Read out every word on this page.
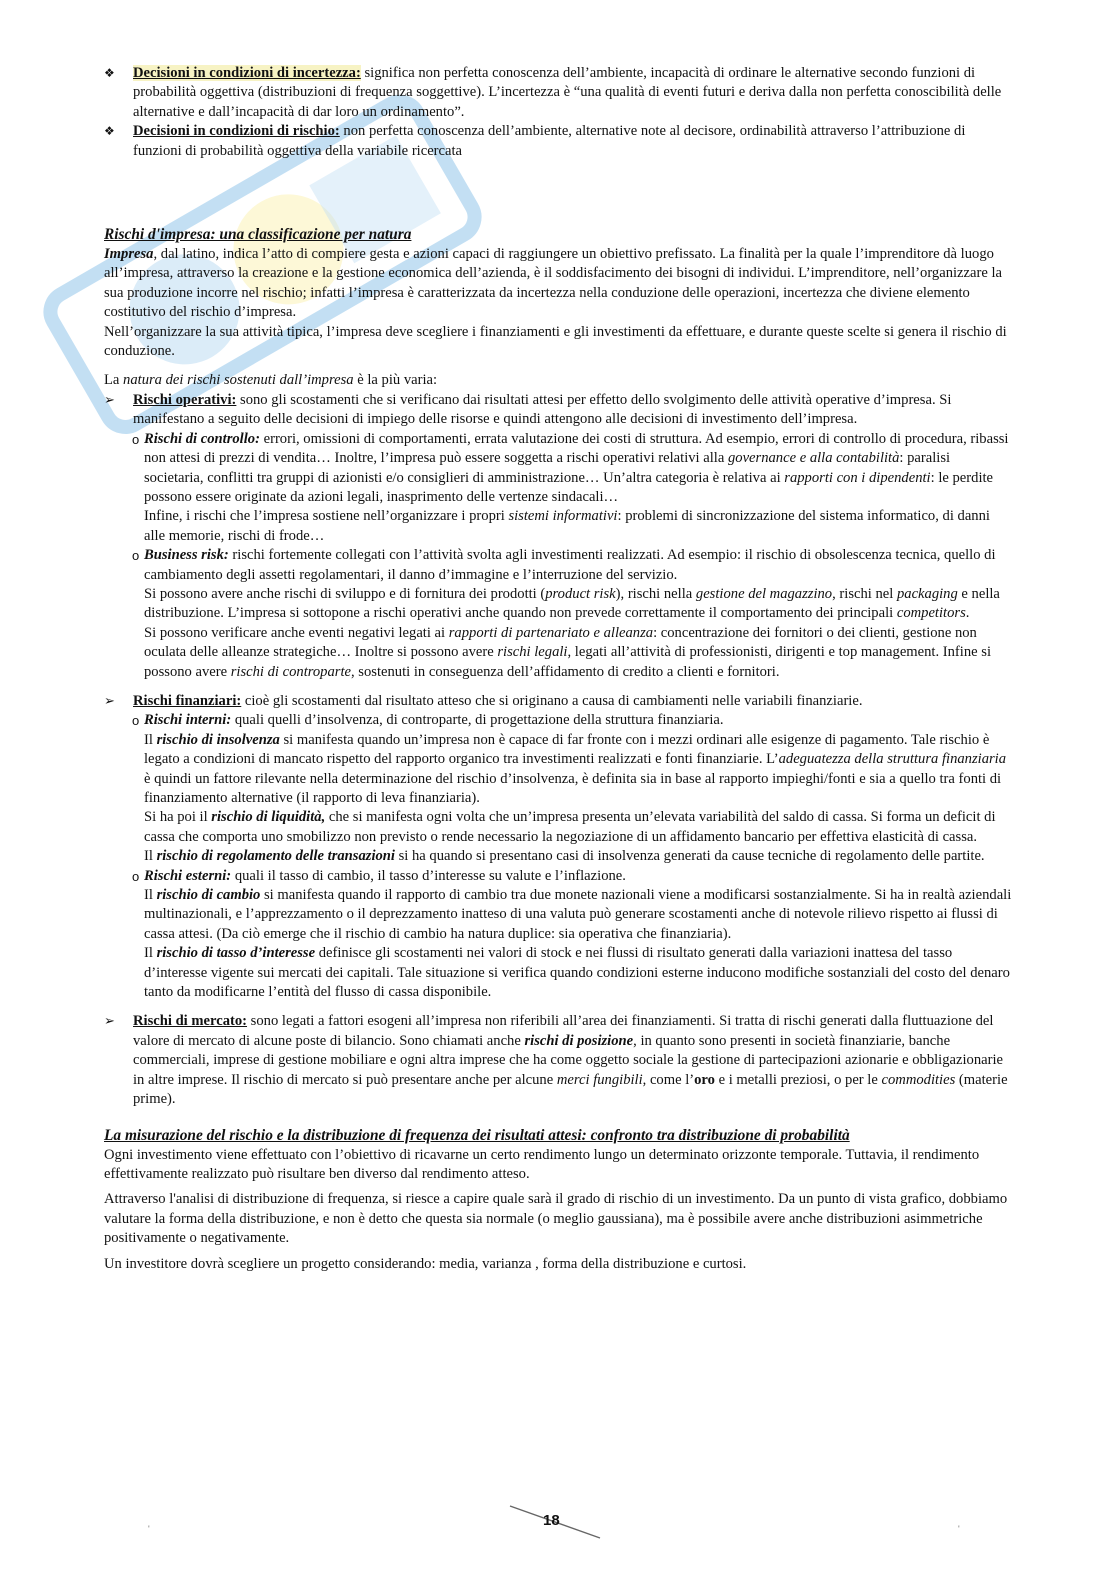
❖ Decisioni in condizioni di incertezza: significa non perfetta conoscenza dell’ambiente, incapacità di ordinare le alternative secondo funzioni di probabilità oggettiva (distribuzioni di frequenza soggettive). L’incertezza è “una qualità di eventi futuri e deriva dalla non perfetta conoscibilità delle alternative e dall’incapacità di dar loro un ordinamento”.
❖ Decisioni in condizioni di rischio: non perfetta conoscenza dell’ambiente, alternative note al decisore, ordinabilità attraverso l’attribuzione di funzioni di probabilità oggettiva della variabile ricercata
Rischi d'impresa: una classificazione per natura

Impresa, dal latino, indica l’atto di compiere gesta e azioni capaci di raggiungere un obiettivo prefissato. La finalità per la quale l’imprenditore dà luogo all’impresa, attraverso la creazione e la gestione economica dell’azienda, è il soddisfacimento dei bisogni di individui. L’imprenditore, nell’organizzare la sua produzione incorre nel rischio; infatti l’impresa è caratterizzata da incertezza nella conduzione delle operazioni, incertezza che diviene elemento costitutivo del rischio d’impresa.

Nell’organizzare la sua attività tipica, l’impresa deve scegliere i finanziamenti e gli investimenti da effettuare, e durante queste scelte si genera il rischio di conduzione.

La natura dei rischi sostenuti dall’impresa è la più varia:

➢ Rischi operativi: sono gli scostamenti che si verificano dai risultati attesi per effetto dello svolgimento delle attività operative d’impresa. Si manifestano a seguito delle decisioni di impiego delle risorse e quindi attengono alle decisioni di investimento dell’impresa.
o Rischi di controllo: errori, omissioni di comportamenti, errata valutazione dei costi di struttura. Ad esempio, errori di controllo di procedura, ribassi non attesi di prezzi di vendita… Inoltre, l’impresa può essere soggetta a rischi operativi relativi alla governance e alla contabilità: paralisi societaria, conflitti tra gruppi di azionisti e/o consiglieri di amministrazione… Un’altra categoria è relativa ai rapporti con i dipendenti: le perdite possono essere originate da azioni legali, inasprimento delle vertenze sindacali…

Infine, i rischi che l’impresa sostiene nell’organizzare i propri sistemi informativi: problemi di sincronizzazione del sistema informatico, di danni alle memorie, rischi di frode…

o Business risk: rischi fortemente collegati con l’attività svolta agli investimenti realizzati. Ad esempio: il rischio di obsolescenza tecnica, quello di cambiamento degli assetti regolamentari, il danno d’immagine e l’interruzione del servizio.

Si possono avere anche rischi di sviluppo e di fornitura dei prodotti (product risk), rischi nella gestione del magazzino, rischi nel packaging e nella distribuzione. L’impresa si sottopone a rischi operativi anche quando non prevede correttamente il comportamento dei principali competitors.

Si possono verificare anche eventi negativi legati ai rapporti di partenariato e alleanza: concentrazione dei fornitori o dei clienti, gestione non oculata delle alleanze strategiche… Inoltre si possono avere rischi legali, legati all’attività di professionisti, dirigenti e top management. Infine si possono avere rischi di controparte, sostenuti in conseguenza dell’affidamento di credito a clienti e fornitori.

➢ Rischi finanziari: cioè gli scostamenti dal risultato atteso che si originano a causa di cambiamenti nelle variabili finanziarie.
o Rischi interni: quali quelli d’insolvenza, di controparte, di progettazione della struttura finanziaria.

Il rischio di insolvenza si manifesta quando un’impresa non è capace di far fronte con i mezzi ordinari alle esigenze di pagamento. Tale rischio è legato a condizioni di mancato rispetto del rapporto organico tra investimenti realizzati e fonti finanziarie. L’adeguatezza della struttura finanziaria è quindi un fattore rilevante nella determinazione del rischio d’insolvenza, è definita sia in base al rapporto impieghi/fonti e sia a quello tra fonti di finanziamento alternative (il rapporto di leva finanziaria).

Si ha poi il rischio di liquidità, che si manifesta ogni volta che un’impresa presenta un’elevata variabilità del saldo di cassa. Si forma un deficit di cassa che comporta uno smobilizzo non previsto o rende necessario la negoziazione di un affidamento bancario per effettiva elasticità di cassa.

Il rischio di regolamento delle transazioni si ha quando si presentano casi di insolvenza generati da cause tecniche di regolamento delle partite.

o Rischi esterni: quali il tasso di cambio, il tasso d’interesse su valute e l’inflazione.

Il rischio di cambio si manifesta quando il rapporto di cambio tra due monete nazionali viene a modificarsi sostanzialmente. Si ha in realtà aziendali multinazionali, e l’apprezzamento o il deprezzamento inatteso di una valuta può generare scostamenti anche di notevole rilievo rispetto ai flussi di cassa attesi. (Da ciò emerge che il rischio di cambio ha natura duplice: sia operativa che finanziaria).

Il rischio di tasso d’interesse definisce gli scostamenti nei valori di stock e nei flussi di risultato generati dalla variazioni inattesa del tasso d’interesse vigente sui mercati dei capitali. Tale situazione si verifica quando condizioni esterne inducono modifiche sostanziali del costo del denaro tanto da modificarne l’entità del flusso di cassa disponibile.

➢ Rischi di mercato: sono legati a fattori esogeni all’impresa non riferibili all’area dei finanziamenti. Si tratta di rischi generati dalla fluttuazione del valore di mercato di alcune poste di bilancio. Sono chiamati anche rischi di posizione, in quanto sono presenti in società finanziarie, banche commerciali, imprese di gestione mobiliare e ogni altra imprese che ha come oggetto sociale la gestione di partecipazioni azionarie e obbligazionarie in altre imprese. Il rischio di mercato si può presentare anche per alcune merci fungibili, come l’oro e i metalli preziosi, o per le commodities (materie prime).
La misurazione del rischio e la distribuzione di frequenza dei risultati attesi: confronto tra distribuzione di probabilità

Ogni investimento viene effettuato con l’obiettivo di ricavarne un certo rendimento lungo un determinato orizzonte temporale. Tuttavia, il rendimento effettivamente realizzato può risultare ben diverso dal rendimento atteso.

Attraverso l'analisi di distribuzione di frequenza, si riesce a capire quale sarà il grado di rischio di un investimento. Da un punto di vista grafico, dobbiamo valutare la forma della distribuzione, e non è detto che questa sia normale (o meglio gaussiana), ma è possibile avere anche distribuzioni asimmetriche positivamente o negativamente.

Un investitore dovrà scegliere un progetto considerando: media, varianza , forma della distribuzione e curtosi.

18
'	'
